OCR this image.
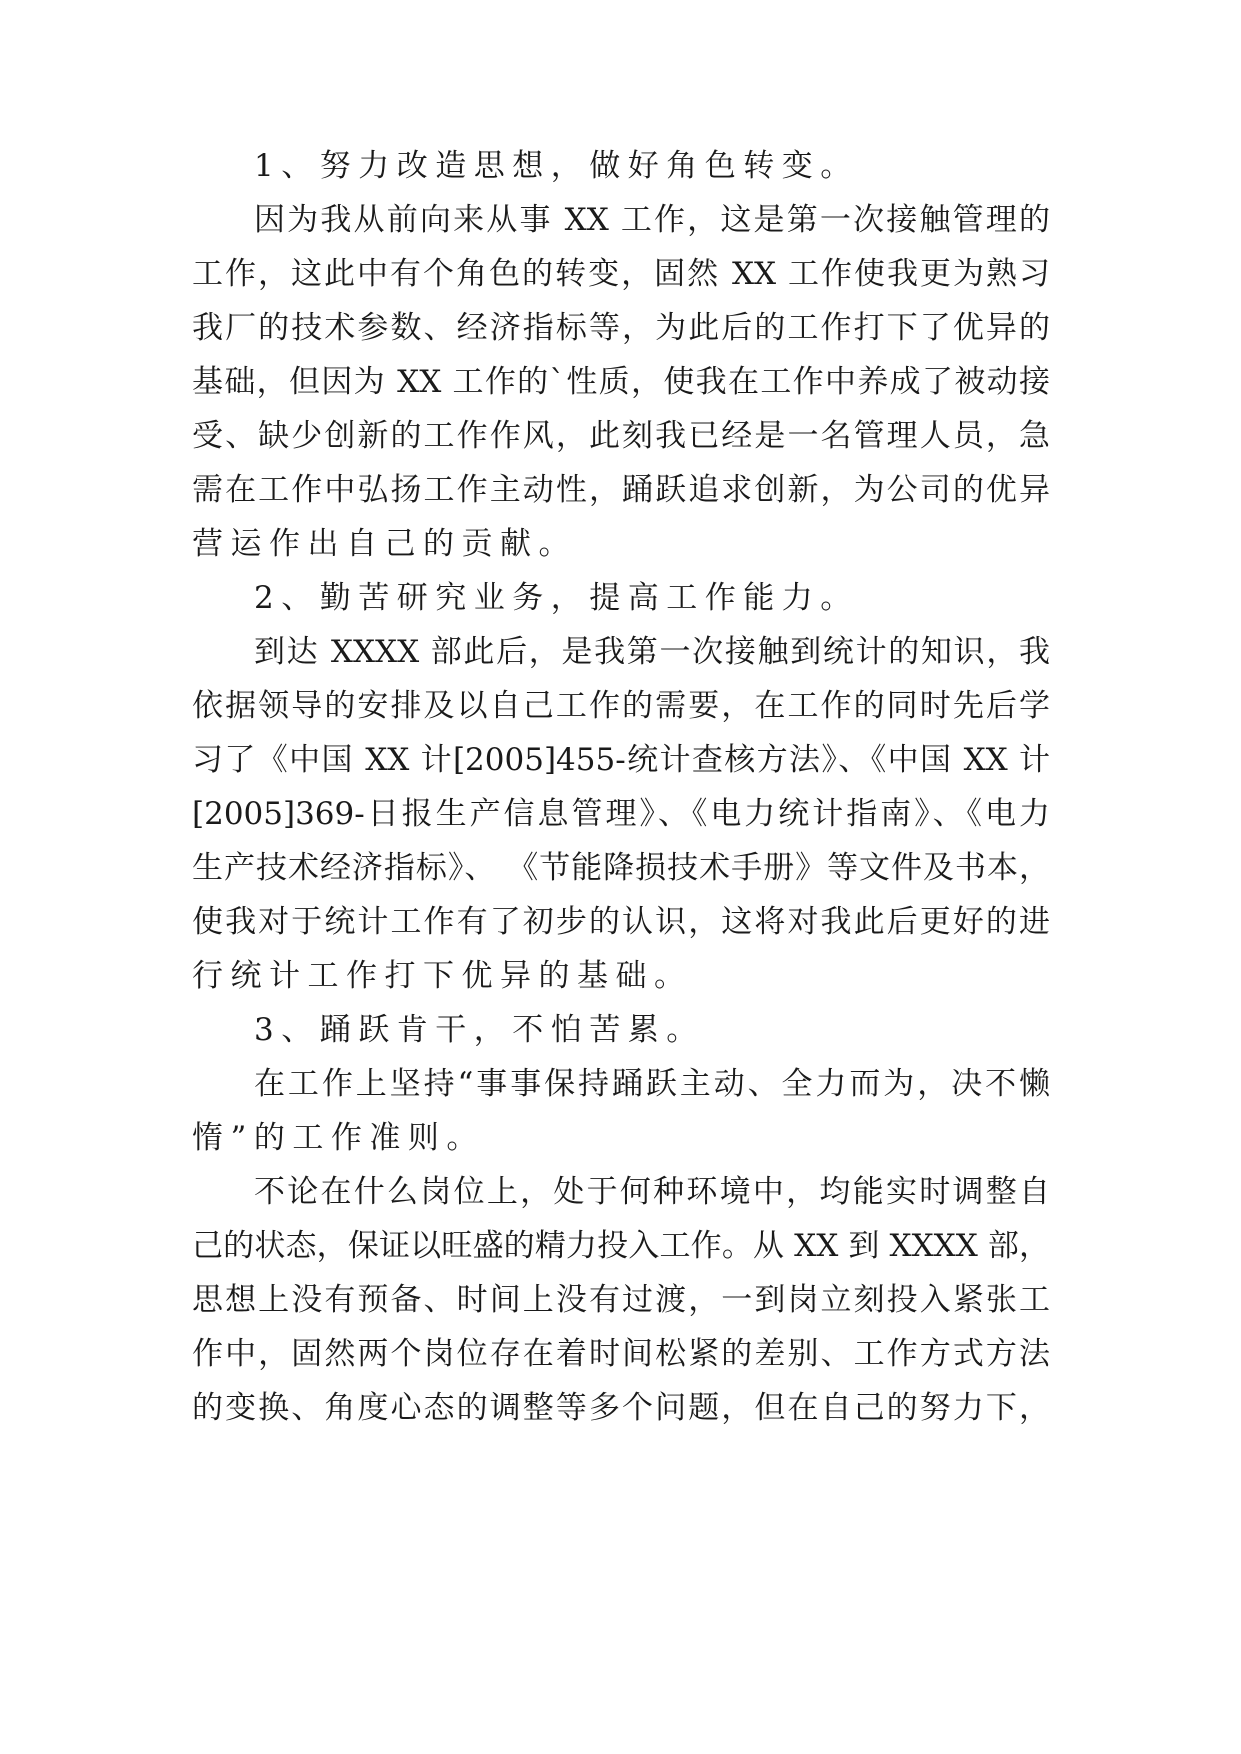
1、努力改造思想，做好角色转变。
因为我从前向来从事 XX 工作，这是第一次接触管理的
工作，这此中有个角色的转变，固然 XX 工作使我更为熟习
我厂的技术参数、经济指标等，为此后的工作打下了优异的
基础，但因为 XX 工作的`性质，使我在工作中养成了被动接
受、缺少创新的工作作风，此刻我已经是一名管理人员，急
需在工作中弘扬工作主动性，踊跃追求创新，为公司的优异
营运作出自己的贡献。
2、勤苦研究业务，提高工作能力。
到达 XXXX 部此后，是我第一次接触到统计的知识，我
依据领导的安排及以自己工作的需要，在工作的同时先后学
习了《中国 XX 计[2005]455-统计查核方法》、《中国 XX 计
[2005]369-日报生产信息管理》、《电力统计指南》、《电力
生产技术经济指标》、 《节能降损技术手册》等文件及书本，
使我对于统计工作有了初步的认识，这将对我此后更好的进
行统计工作打下优异的基础。
3、踊跃肯干，不怕苦累。
在工作上坚持“事事保持踊跃主动、全力而为，决不懒
惰”的工作准则。
不论在什么岗位上，处于何种环境中，均能实时调整自
己的状态，保证以旺盛的精力投入工作。从 XX 到 XXXX 部，
思想上没有预备、时间上没有过渡，一到岗立刻投入紧张工
作中，固然两个岗位存在着时间松紧的差别、工作方式方法
的变换、角度心态的调整等多个问题，但在自己的努力下，
